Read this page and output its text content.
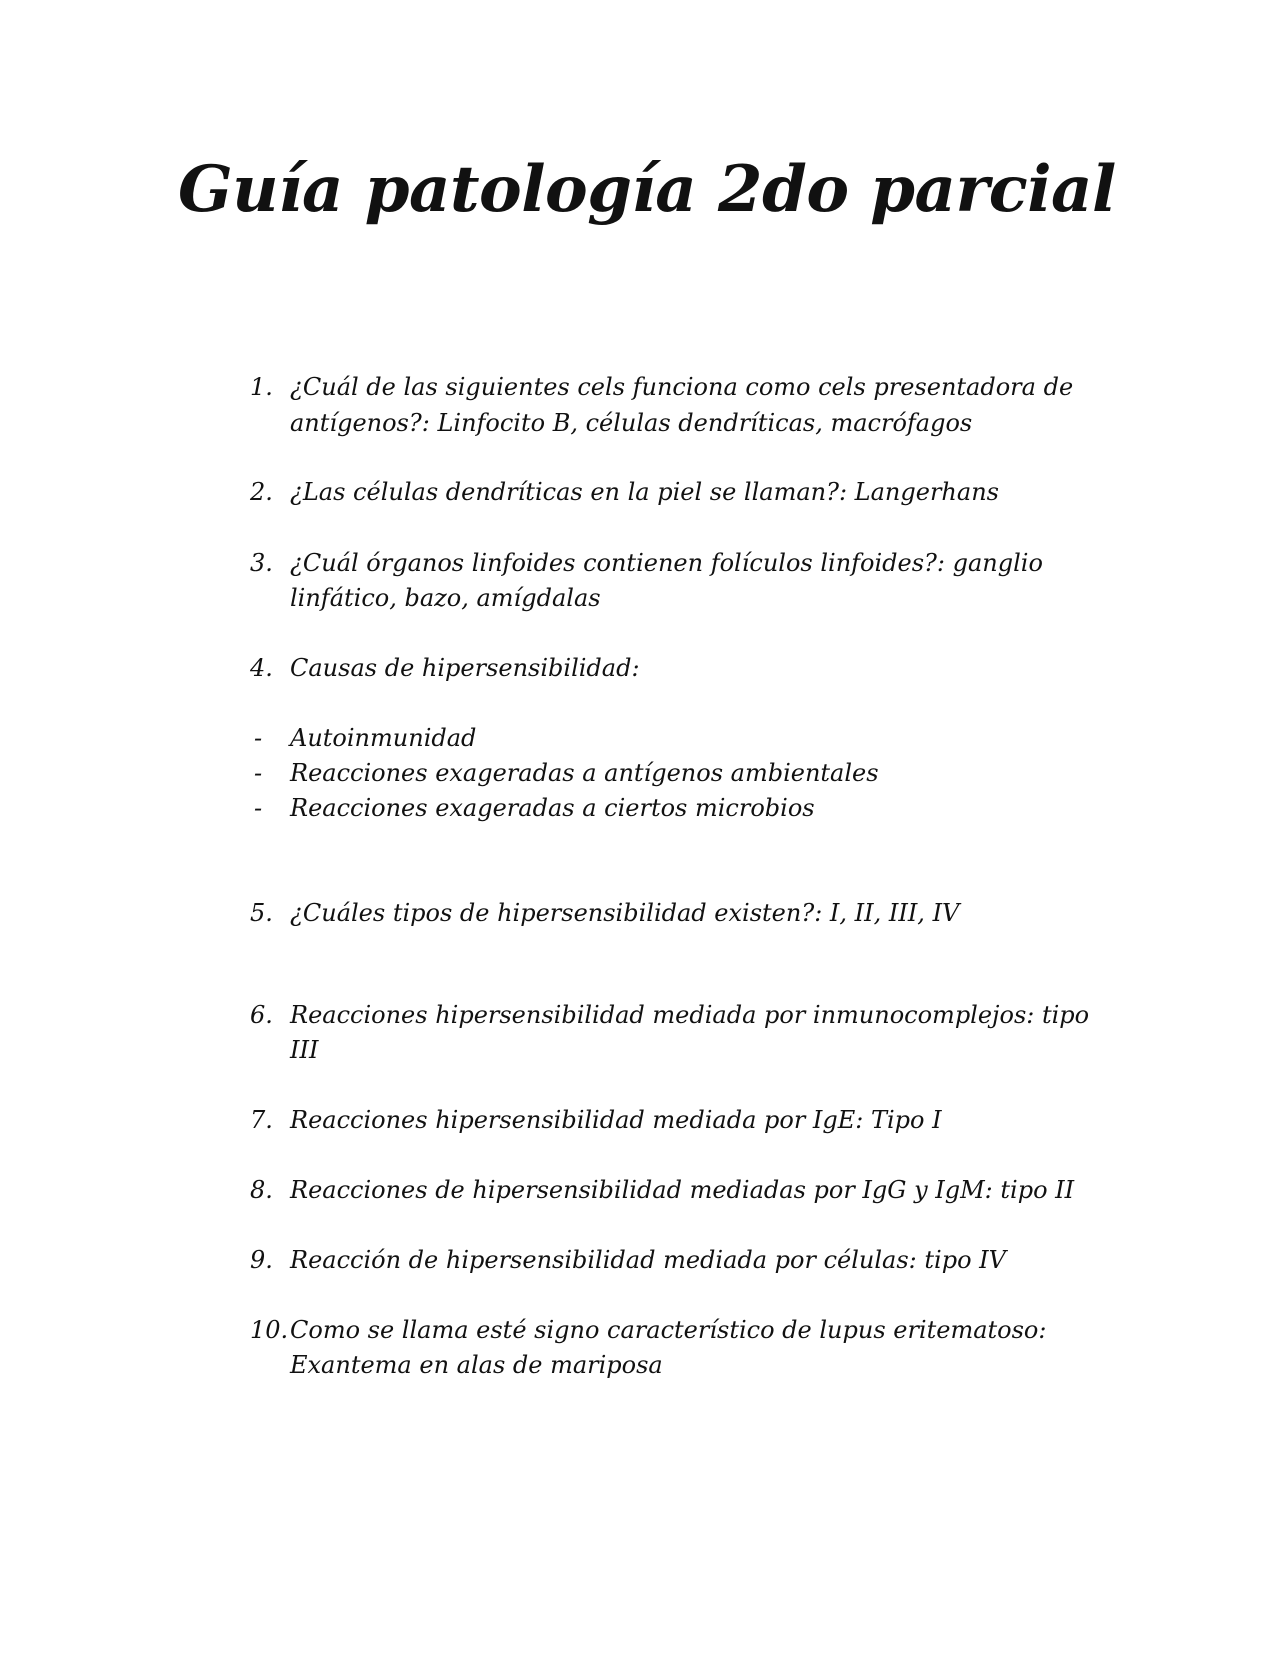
Guía patología 2do parcial
1. ¿Cuál de las siguientes cels funciona como cels presentadora de
antígenos?: Linfocito B, células dendríticas, macrófagos
2. ¿Las células dendríticas en la piel se llaman?: Langerhans
3. ¿Cuál órganos linfoides contienen folículos linfoides?: ganglio
linfático, bazo, amígdalas
4. Causas de hipersensibilidad:
- Autoinmunidad
- Reacciones exageradas a antígenos ambientales
- Reacciones exageradas a ciertos microbios
5. ¿Cuáles tipos de hipersensibilidad existen?: I, II, III, IV
6. Reacciones hipersensibilidad mediada por inmunocomplejos: tipo
III
7. Reacciones hipersensibilidad mediada por IgE: Tipo I
8. Reacciones de hipersensibilidad mediadas por IgG y IgM: tipo II
9. Reacción de hipersensibilidad mediada por células: tipo IV
10. Como se llama esté signo característico de lupus eritematoso:
Exantema en alas de mariposa
